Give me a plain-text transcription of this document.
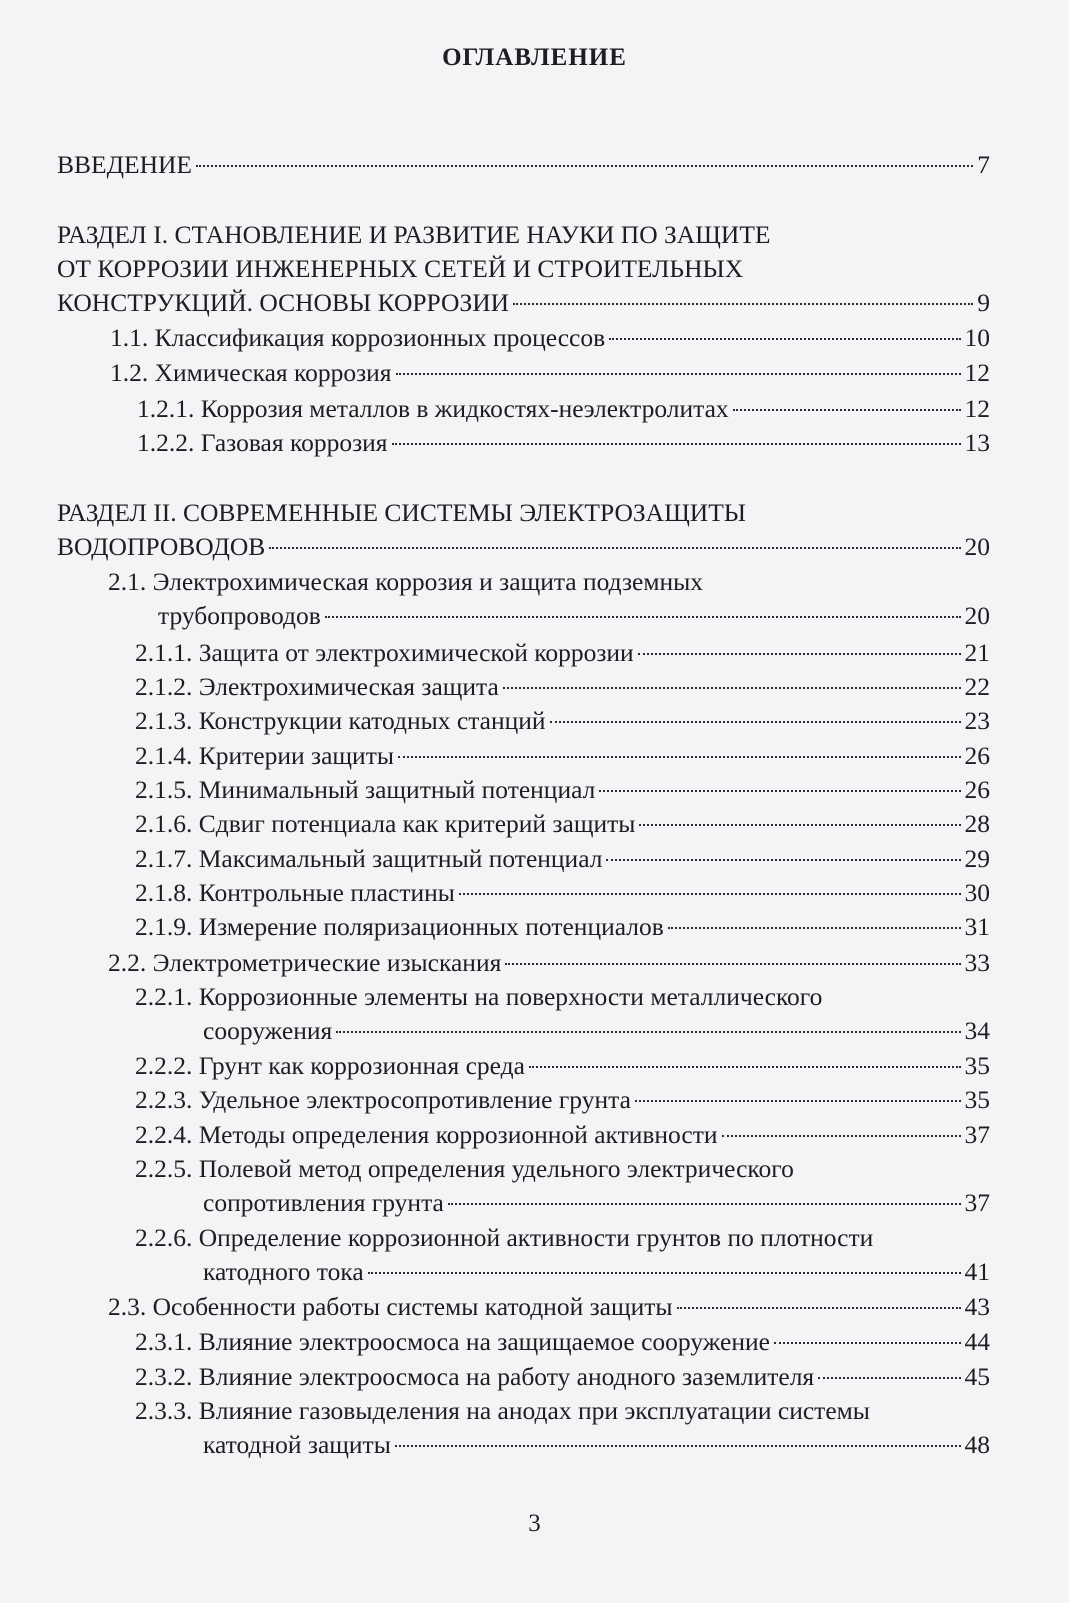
ОГЛАВЛЕНИЕ
ВВЕДЕНИЕ	7
РАЗДЕЛ I. СТАНОВЛЕНИЕ И РАЗВИТИЕ НАУКИ ПО ЗАЩИТЕ
ОТ КОРРОЗИИ ИНЖЕНЕРНЫХ СЕТЕЙ И СТРОИТЕЛЬНЫХ
КОНСТРУКЦИЙ. ОСНОВЫ КОРРОЗИИ	9
1.1. Классификация коррозионных процессов	10
1.2. Химическая коррозия	12
1.2.1. Коррозия металлов в жидкостях-неэлектролитах	12
1.2.2. Газовая коррозия	13
РАЗДЕЛ II. СОВРЕМЕННЫЕ СИСТЕМЫ ЭЛЕКТРОЗАЩИТЫ
ВОДОПРОВОДОВ	20
2.1. Электрохимическая коррозия и защита подземных
трубопроводов	20
2.1.1. Защита от электрохимической коррозии	21
2.1.2. Электрохимическая защита	22
2.1.3. Конструкции катодных станций	23
2.1.4. Критерии защиты	26
2.1.5. Минимальный защитный потенциал	26
2.1.6. Сдвиг потенциала как критерий защиты	28
2.1.7. Максимальный защитный потенциал	29
2.1.8. Контрольные пластины	30
2.1.9. Измерение поляризационных потенциалов	31
2.2. Электрометрические изыскания	33
2.2.1. Коррозионные элементы на поверхности металлического
сооружения	34
2.2.2. Грунт как коррозионная среда	35
2.2.3. Удельное электросопротивление грунта	35
2.2.4. Методы определения коррозионной активности	37
2.2.5. Полевой метод определения удельного электрического
сопротивления грунта	37
2.2.6. Определение коррозионной активности грунтов по плотности
катодного тока	41
2.3. Особенности работы системы катодной защиты	43
2.3.1. Влияние электроосмоса на защищаемое сооружение	44
2.3.2. Влияние электроосмоса на работу анодного заземлителя	45
2.3.3. Влияние газовыделения на анодах при эксплуатации системы
катодной защиты	48
3
